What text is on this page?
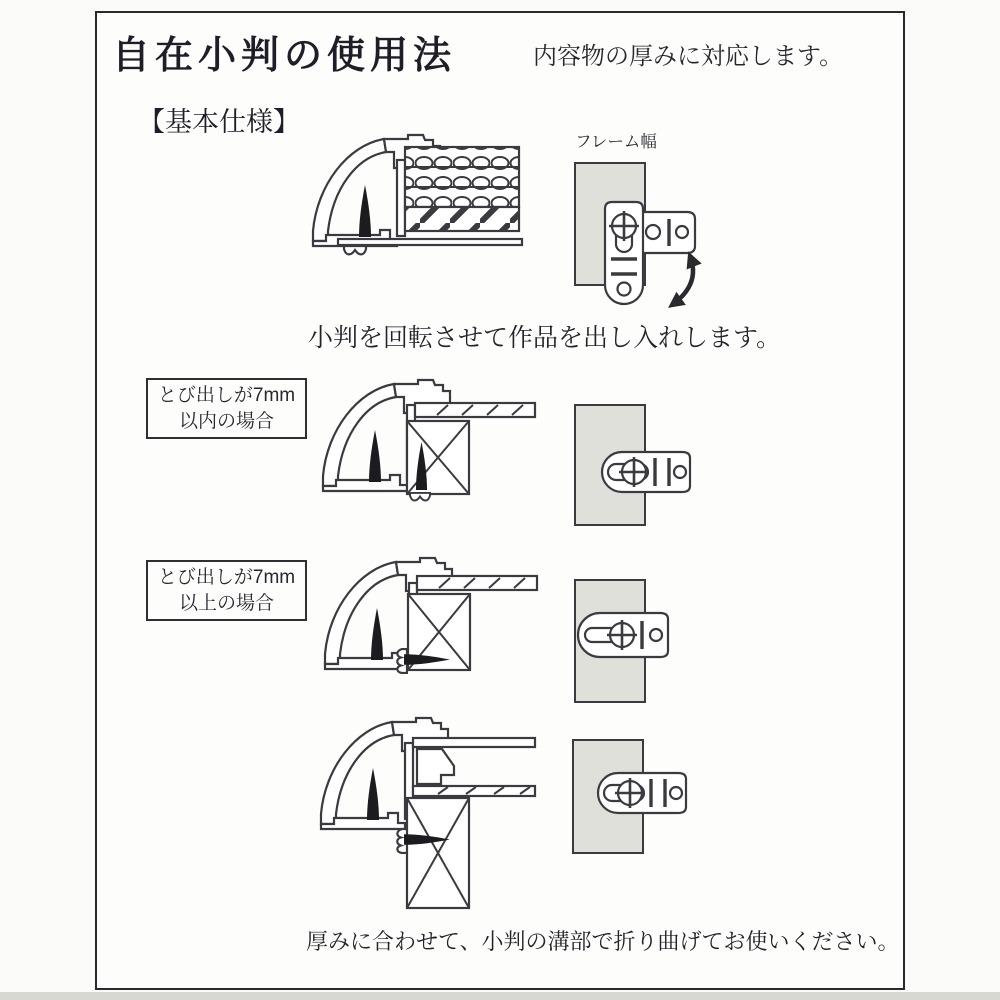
自在小判の使用法	内容物の厚みに対応します。
【基本仕様】
フレーム幅
小判を回転させて作品を出し入れします。
とび出しが7mm
以内の場合
とび出しが7mm
以上の場合
厚みに合わせて、小判の溝部で折り曲げてお使いください。
